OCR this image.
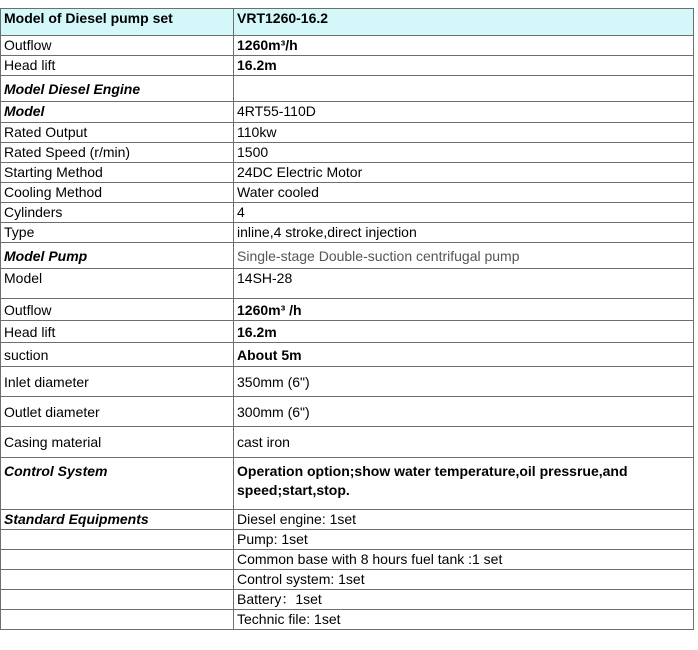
Model of Diesel pump set	VRT1260-16.2
Outflow	1260m³/h
Head lift	16.2m
Model Diesel Engine	
Model	4RT55-110D
Rated Output	110kw
Rated Speed (r/min)	1500
Starting Method	24DC Electric Motor
Cooling Method	Water cooled
Cylinders	4
Type	inline,4 stroke,direct injection
Model Pump	Single-stage Double-suction centrifugal pump
Model	14SH-28
Outflow	1260m³ /h
Head lift	16.2m
suction	About 5m
Inlet diameter	350mm (6")
Outlet diameter	300mm (6")
Casing material	cast iron
Control System	Operation option;show water temperature,oil pressrue,and speed;start,stop.
Standard Equipments	Diesel engine: 1set
	Pump: 1set
	Common base with 8 hours fuel tank :1 set
	Control system: 1set
	Battery：1set
	Technic file: 1set
